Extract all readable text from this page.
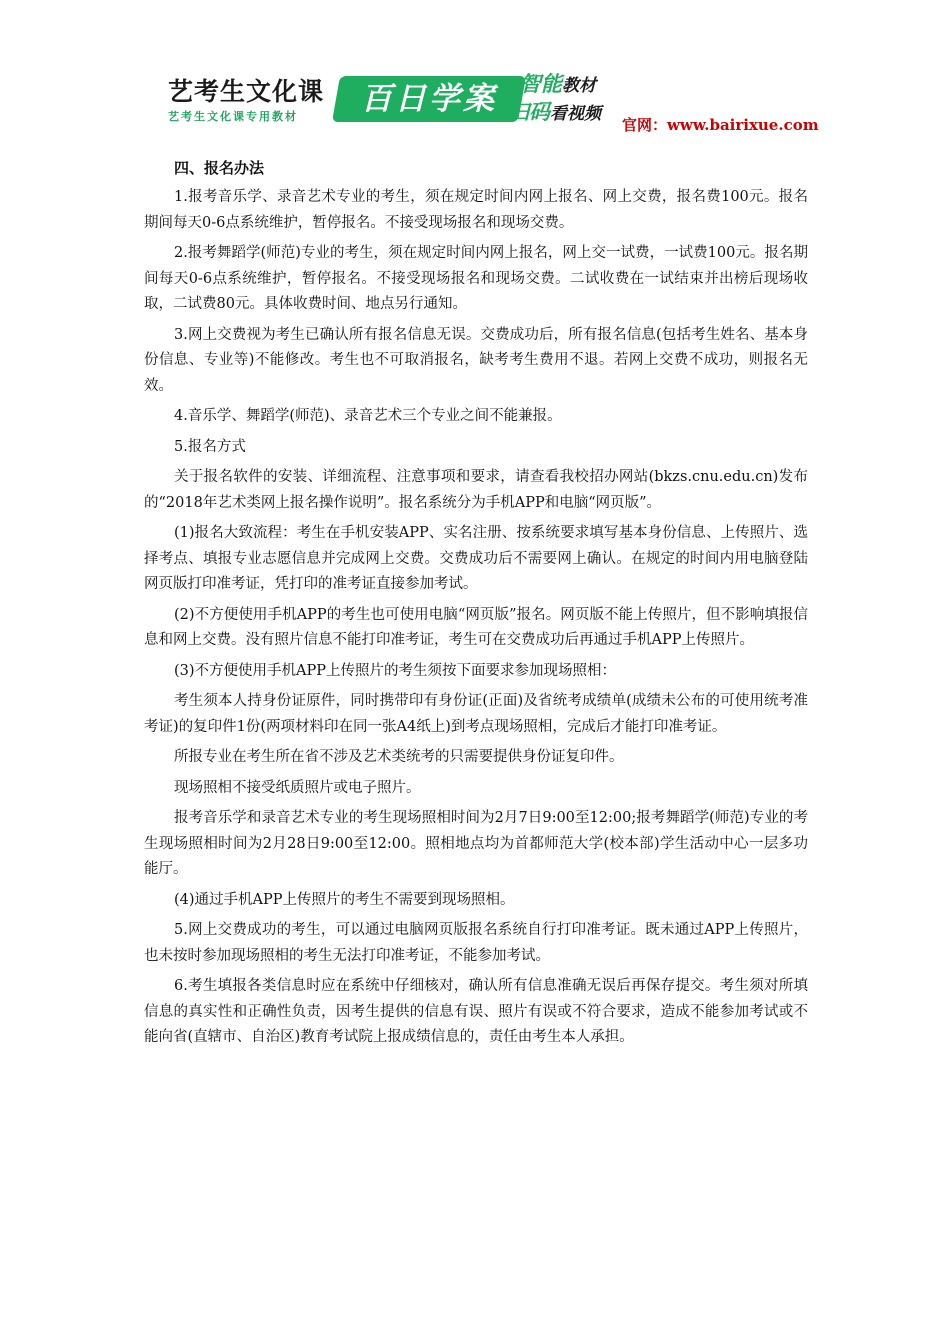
艺考生文化课
艺考生文化课专用教材	百日学案	智能教材
扫码看视频
官网：www.bairixue.com
四、报名办法

1.报考音乐学、录音艺术专业的考生，须在规定时间内网上报名、网上交费，报名费100元。报名期间每天0-6点系统维护，暂停报名。不接受现场报名和现场交费。

2.报考舞蹈学(师范)专业的考生，须在规定时间内网上报名，网上交一试费，一试费100元。报名期间每天0-6点系统维护，暂停报名。不接受现场报名和现场交费。二试收费在一试结束并出榜后现场收取，二试费80元。具体收费时间、地点另行通知。

3.网上交费视为考生已确认所有报名信息无误。交费成功后，所有报名信息(包括考生姓名、基本身份信息、专业等)不能修改。考生也不可取消报名，缺考考生费用不退。若网上交费不成功，则报名无效。

4.音乐学、舞蹈学(师范)、录音艺术三个专业之间不能兼报。

5.报名方式

关于报名软件的安装、详细流程、注意事项和要求，请查看我校招办网站(bkzs.cnu.edu.cn)发布的“2018年艺术类网上报名操作说明”。报名系统分为手机APP和电脑“网页版”。

(1)报名大致流程：考生在手机安装APP、实名注册、按系统要求填写基本身份信息、上传照片、选择考点、填报专业志愿信息并完成网上交费。交费成功后不需要网上确认。在规定的时间内用电脑登陆网页版打印准考证，凭打印的准考证直接参加考试。

(2)不方便使用手机APP的考生也可使用电脑“网页版”报名。网页版不能上传照片，但不影响填报信息和网上交费。没有照片信息不能打印准考证，考生可在交费成功后再通过手机APP上传照片。

(3)不方便使用手机APP上传照片的考生须按下面要求参加现场照相：

考生须本人持身份证原件，同时携带印有身份证(正面)及省统考成绩单(成绩未公布的可使用统考准考证)的复印件1份(两项材料印在同一张A4纸上)到考点现场照相，完成后才能打印准考证。

所报专业在考生所在省不涉及艺术类统考的只需要提供身份证复印件。

现场照相不接受纸质照片或电子照片。

报考音乐学和录音艺术专业的考生现场照相时间为2月7日9:00至12:00;报考舞蹈学(师范)专业的考生现场照相时间为2月28日9:00至12:00。照相地点均为首都师范大学(校本部)学生活动中心一层多功能厅。

(4)通过手机APP上传照片的考生不需要到现场照相。

5.网上交费成功的考生，可以通过电脑网页版报名系统自行打印准考证。既未通过APP上传照片，也未按时参加现场照相的考生无法打印准考证，不能参加考试。

6.考生填报各类信息时应在系统中仔细核对，确认所有信息准确无误后再保存提交。考生须对所填信息的真实性和正确性负责，因考生提供的信息有误、照片有误或不符合要求，造成不能参加考试或不能向省(直辖市、自治区)教育考试院上报成绩信息的，责任由考生本人承担。
